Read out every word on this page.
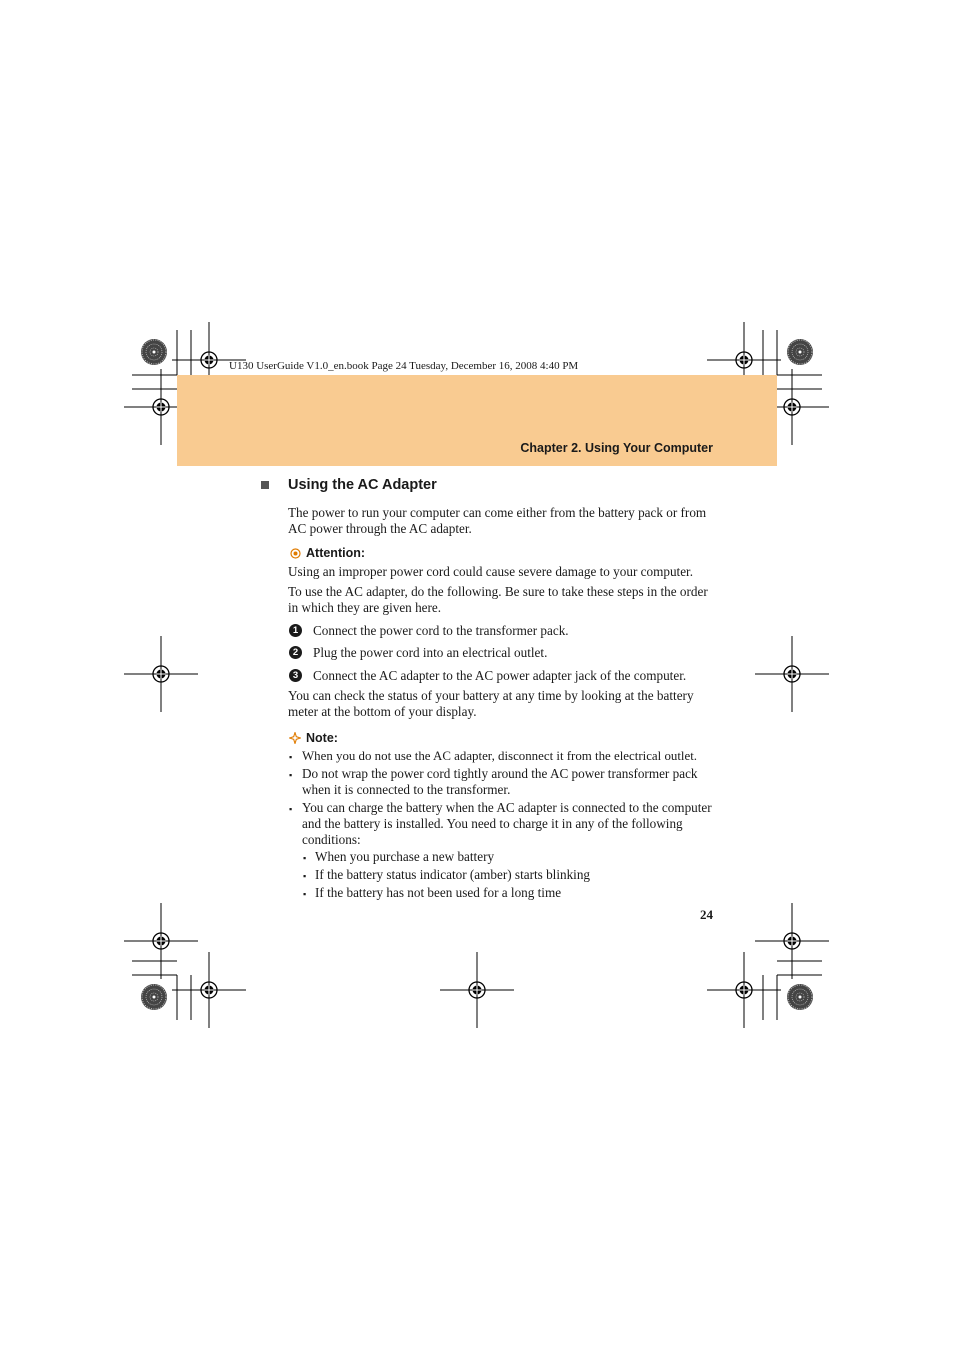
U130 UserGuide V1.0_en.book Page 24 Tuesday, December 16, 2008 4:40 PM
Chapter 2. Using Your Computer
Using the AC Adapter
The power to run your computer can come either from the battery pack or from AC power through the AC adapter.
Attention:
Using an improper power cord could cause severe damage to your computer.
To use the AC adapter, do the following. Be sure to take these steps in the order in which they are given here.
1 Connect the power cord to the transformer pack.
2 Plug the power cord into an electrical outlet.
3 Connect the AC adapter to the AC power adapter jack of the computer.
You can check the status of your battery at any time by looking at the battery meter at the bottom of your display.
Note:
▪ When you do not use the AC adapter, disconnect it from the electrical outlet.
▪ Do not wrap the power cord tightly around the AC power transformer pack when it is connected to the transformer.
▪ You can charge the battery when the AC adapter is connected to the computer and the battery is installed. You need to charge it in any of the following conditions:
▪ When you purchase a new battery
▪ If the battery status indicator (amber) starts blinking
▪ If the battery has not been used for a long time
24
